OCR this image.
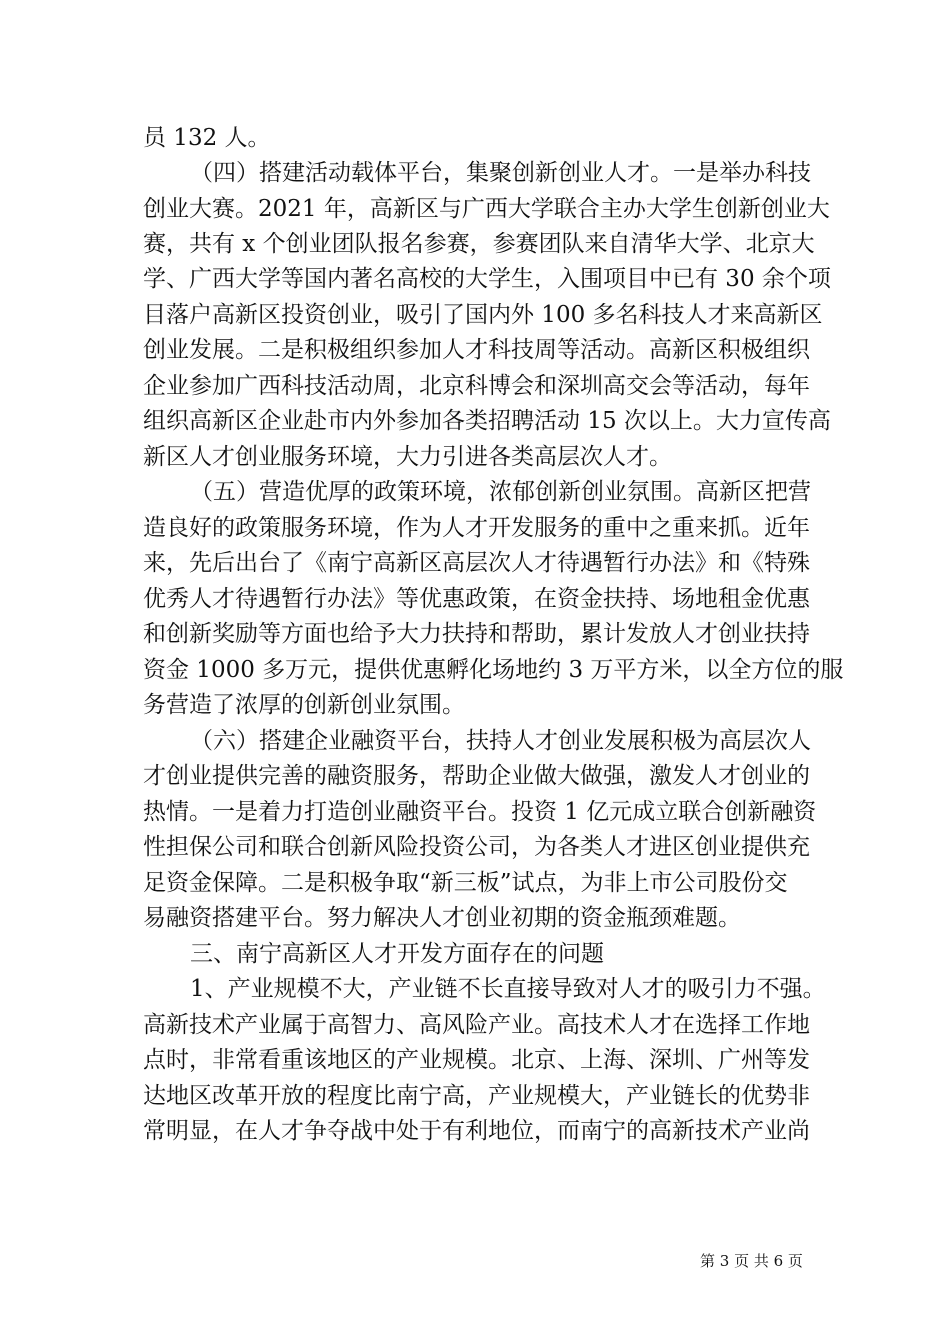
员 132 人。
（四）搭建活动载体平台，集聚创新创业人才。一是举办科技
创业大赛。2021 年，高新区与广西大学联合主办大学生创新创业大
赛，共有 x 个创业团队报名参赛，参赛团队来自清华大学、北京大
学、广西大学等国内著名高校的大学生，入围项目中已有 30 余个项
目落户高新区投资创业，吸引了国内外 100 多名科技人才来高新区
创业发展。二是积极组织参加人才科技周等活动。高新区积极组织
企业参加广西科技活动周，北京科博会和深圳高交会等活动，每年
组织高新区企业赴市内外参加各类招聘活动 15 次以上。大力宣传高
新区人才创业服务环境，大力引进各类高层次人才。
（五）营造优厚的政策环境，浓郁创新创业氛围。高新区把营
造良好的政策服务环境，作为人才开发服务的重中之重来抓。近年
来，先后出台了《南宁高新区高层次人才待遇暂行办法》和《特殊
优秀人才待遇暂行办法》等优惠政策，在资金扶持、场地租金优惠
和创新奖励等方面也给予大力扶持和帮助，累计发放人才创业扶持
资金 1000 多万元，提供优惠孵化场地约 3 万平方米，以全方位的服
务营造了浓厚的创新创业氛围。
（六）搭建企业融资平台，扶持人才创业发展积极为高层次人
才创业提供完善的融资服务，帮助企业做大做强，激发人才创业的
热情。一是着力打造创业融资平台。投资 1 亿元成立联合创新融资
性担保公司和联合创新风险投资公司，为各类人才进区创业提供充
足资金保障。二是积极争取“新三板”试点，为非上市公司股份交
易融资搭建平台。努力解决人才创业初期的资金瓶颈难题。
三、南宁高新区人才开发方面存在的问题
1、产业规模不大，产业链不长直接导致对人才的吸引力不强。
高新技术产业属于高智力、高风险产业。高技术人才在选择工作地
点时，非常看重该地区的产业规模。北京、上海、深圳、广州等发
达地区改革开放的程度比南宁高，产业规模大，产业链长的优势非
常明显，在人才争夺战中处于有利地位，而南宁的高新技术产业尚
第 3 页 共 6 页
